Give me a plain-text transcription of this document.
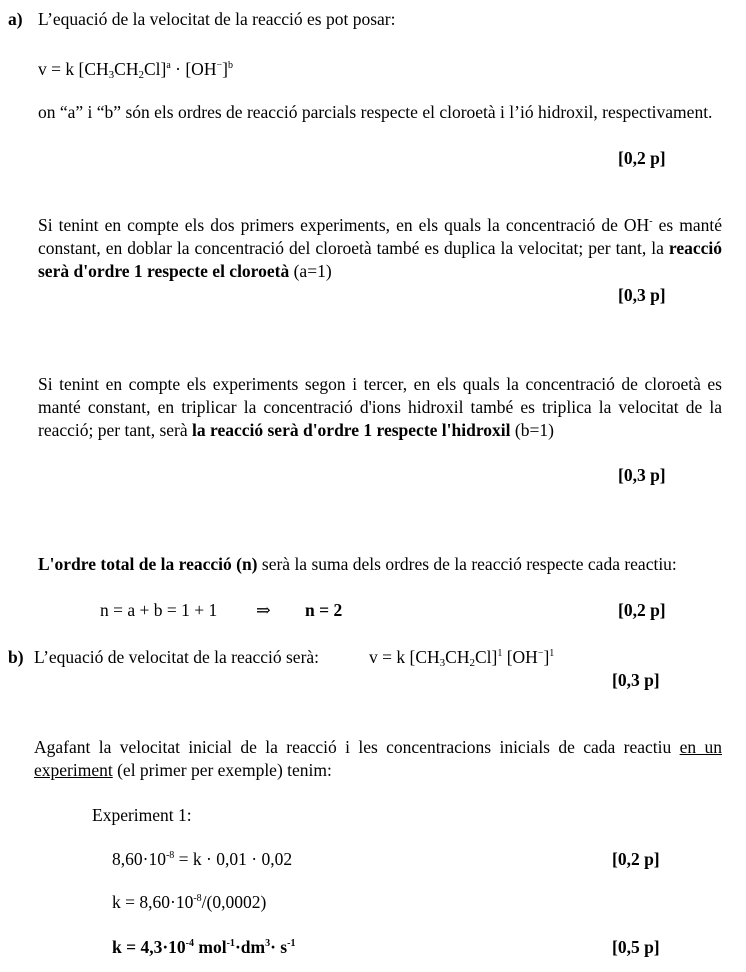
a) L’equació de la velocitat de la reacció es pot posar:
v = k $[CH_3CH_2Cl]^a \cdot [OH^-]^b$
on “a” i “b” són els ordres de reacció parcials respecte el cloroetà i l’ió hidroxil, respectivament.
[0,2 p]
Si tenint en compte els dos primers experiments, en els quals la concentració de OH- es manté constant, en doblar la concentració del cloroetà també es duplica la velocitat; per tant, la reacció serà d'ordre 1 respecte el cloroetà (a=1)
[0,3 p]
Si tenint en compte els experiments segon i tercer, en els quals la concentració de cloroetà es manté constant, en triplicar la concentració d'ions hidroxil també es triplica la velocitat de la reacció; per tant, serà la reacció serà d'ordre 1 respecte l'hidroxil (b=1)
[0,3 p]
L'ordre total de la reacció (n) serà la suma dels ordres de la reacció respecte cada reactiu:
n = a + b = 1 + 1 ⇒ n = 2	[0,2 p]
b) L’equació de velocitat de la reacció serà:	v = k $[CH_3CH_2Cl]^1$ $[OH^-]^1$
[0,3 p]
Agafant la velocitat inicial de la reacció i les concentracions inicials de cada reactiu en un experiment (el primer per exemple) tenim:
Experiment 1:
$8,60\cdot 10^{-8} = k \cdot 0,01 \cdot 0,02$	[0,2 p]
$k = 8,60\cdot 10^{-8}/(0,0002)$
$k = 4,3\cdot 10^{-4}$ $mol^{-1}\cdot dm^3\cdot s^{-1}$	[0,5 p]
